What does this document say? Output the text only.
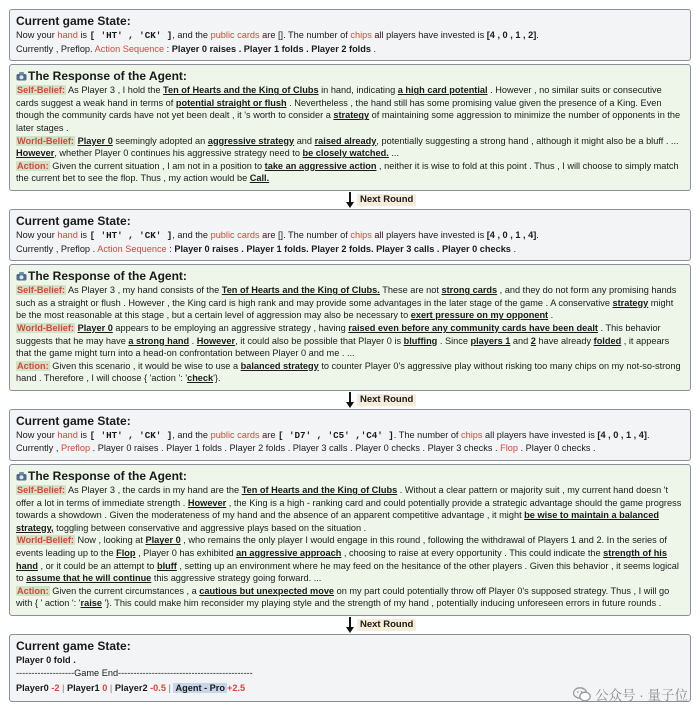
Current game State:
Now your hand is [ 'HT' , 'CK' ], and the public cards are []. The number of chips all players have invested is [4 , 0 , 1 , 2].
Currently , Preflop. Action Sequence : Player 0 raises . Player 1 folds . Player 2 folds .
The Response of the Agent:
Self-Belief: As Player 3 , I hold the Ten of Hearts and the King of Clubs in hand, indicating a high card potential . However , no similar suits or consecutive cards suggest a weak hand in terms of potential straight or flush . Nevertheless , the hand still has some promising value given the presence of a King. Even though the community cards have not yet been dealt , it 's worth to consider a strategy of maintaining some aggression to minimize the number of opponents in the later stages .
World-Belief: Player 0 seemingly adopted an aggressive strategy and raised already, potentially suggesting a strong hand , although it might also be a bluff . ... However, whether Player 0 continues his aggressive strategy need to be closely watched. ...
Action: Given the current situation , I am not in a position to take an aggressive action , neither it is wise to fold at this point . Thus , I will choose to simply match the current bet to see the flop. Thus , my action would be Call.
Next Round
Current game State:
Now your hand is [ 'HT' , 'CK' ], and the public cards are []. The number of chips all players have invested is [4 , 0 , 1 , 4].
Currently , Preflop . Action Sequence : Player 0 raises . Player 1 folds. Player 2 folds. Player 3 calls . Player 0 checks .
The Response of the Agent:
Self-Belief: As Player 3 , my hand consists of the Ten of Hearts and the King of Clubs. These are not strong cards , and they do not form any promising hands such as a straight or flush . However , the King card is high rank and may provide some advantages in the later stage of the game . A conservative strategy might be the most reasonable at this stage , but a certain level of aggression may also be necessary to exert pressure on my opponent .
World-Belief: Player 0 appears to be employing an aggressive strategy , having raised even before any community cards have been dealt . This behavior suggests that he may have a strong hand . However, it could also be possible that Player 0 is bluffing . Since players 1 and 2 have already folded , it appears that the game might turn into a head-on confrontation between Player 0 and me . ...
Action: Given this scenario , it would be wise to use a balanced strategy to counter Player 0's aggressive play without risking too many chips on my not-so-strong hand . Therefore , I will choose { 'action ': 'check'}.
Next Round
Current game State:
Now your hand is [ 'HT' , 'CK' ], and the public cards are [ 'D7' , 'C5' ,'C4' ]. The number of chips all players have invested is [4 , 0 , 1 , 4].
Currently , Preflop . Player 0 raises . Player 1 folds . Player 2 folds . Player 3 calls . Player 0 checks . Player 3 checks . Flop . Player 0 checks .
The Response of the Agent:
Self-Belief: As Player 3 , the cards in my hand are the Ten of Hearts and the King of Clubs . Without a clear pattern or majority suit , my current hand doesn 't offer a lot in terms of immediate strength . However , the King is a high - ranking card and could potentially provide a strategic advantage should the game progress towards a showdown . Given the moderateness of my hand and the absence of an apparent competitive advantage , it might be wise to maintain a balanced strategy, toggling between conservative and aggressive plays based on the situation .
World-Belief: Now , looking at Player 0 , who remains the only player I would engage in this round , following the withdrawal of Players 1 and 2. In the series of events leading up to the Flop , Player 0 has exhibited an aggressive approach , choosing to raise at every opportunity . This could indicate the strength of his hand , or it could be an attempt to bluff , setting up an environment where he may feed on the hesitance of the other players . Given this behavior , it seems logical to assume that he will continue this aggressive strategy going forward. ...
Action: Given the current circumstances , a cautious but unexpected move on my part could potentially throw off Player 0's supposed strategy. Thus , I will go with { ' action ': 'raise '}. This could make him reconsider my playing style and the strength of my hand , potentially inducing unforeseen errors in future rounds .
Next Round
Current game State:
Player 0 fold .
-------------------Game End--------------------------------------------
Player0 -2 | Player1 0 | Player2 -0.5 | Agent - Pro +2.5	公众号 · 量子位
